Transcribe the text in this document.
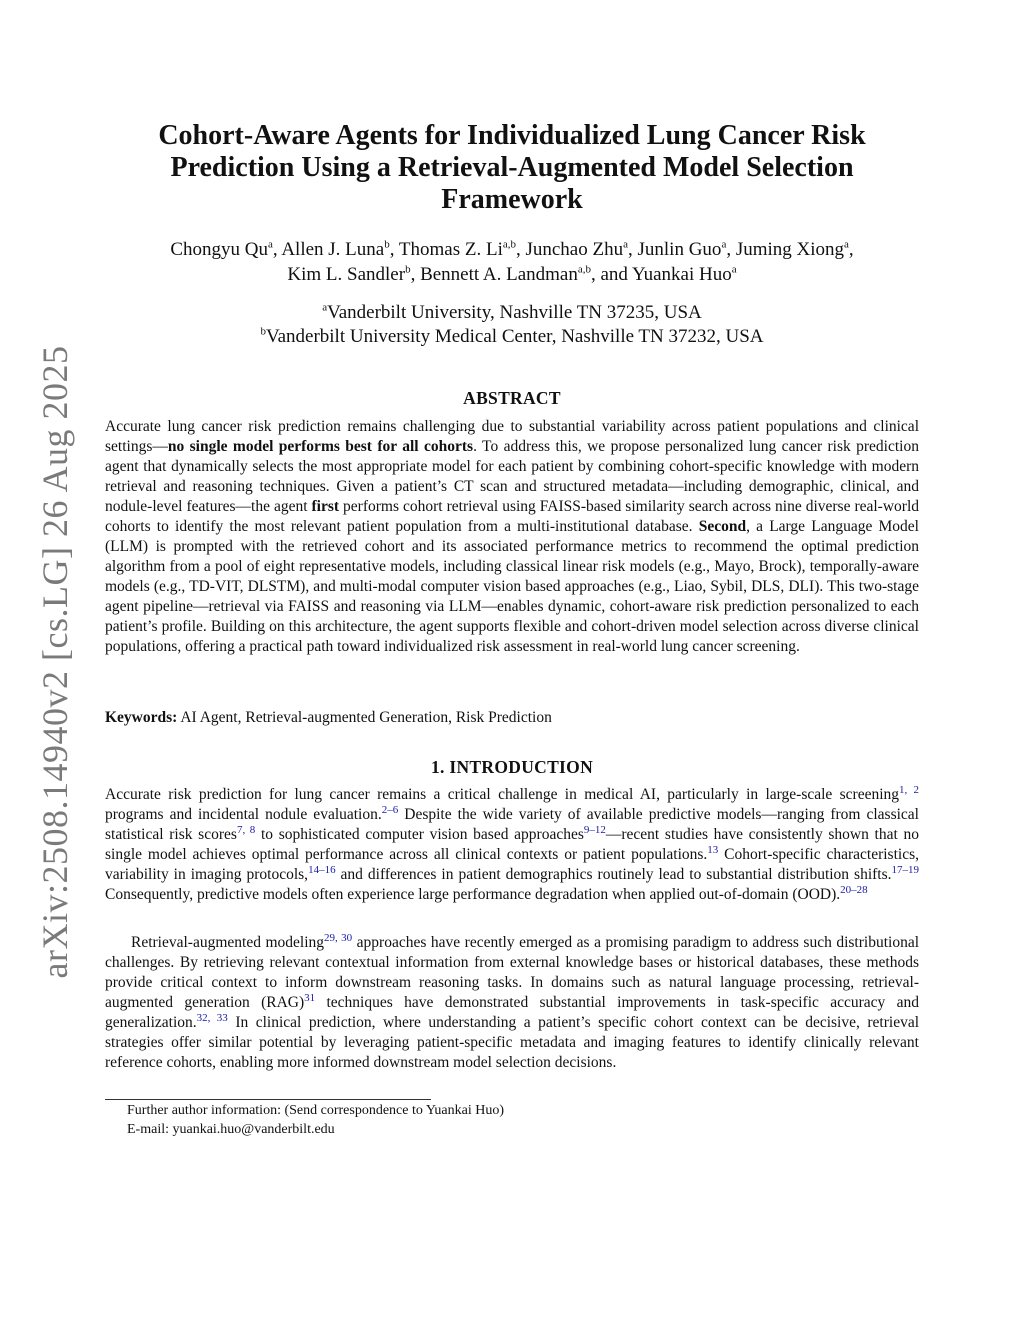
arXiv:2508.14940v2 [cs.LG] 26 Aug 2025
Cohort-Aware Agents for Individualized Lung Cancer Risk Prediction Using a Retrieval-Augmented Model Selection Framework
Chongyu Qu$^a$, Allen J. Luna$^b$, Thomas Z. Li$^{a,b}$, Junchao Zhu$^a$, Junlin Guo$^a$, Juming Xiong$^a$,
Kim L. Sandler$^b$, Bennett A. Landman$^{a,b}$, and Yuankai Huo$^a$
$^a$Vanderbilt University, Nashville TN 37235, USA
$^b$Vanderbilt University Medical Center, Nashville TN 37232, USA
ABSTRACT
Accurate lung cancer risk prediction remains challenging due to substantial variability across patient populations and clinical settings—no single model performs best for all cohorts. To address this, we propose personalized lung cancer risk prediction agent that dynamically selects the most appropriate model for each patient by combining cohort-specific knowledge with modern retrieval and reasoning techniques. Given a patient’s CT scan and structured metadata—including demographic, clinical, and nodule-level features—the agent first performs cohort retrieval using FAISS-based similarity search across nine diverse real-world cohorts to identify the most relevant patient population from a multi-institutional database. Second, a Large Language Model (LLM) is prompted with the retrieved cohort and its associated performance metrics to recommend the optimal prediction algorithm from a pool of eight representative models, including classical linear risk models (e.g., Mayo, Brock), temporally-aware models (e.g., TD-VIT, DLSTM), and multi-modal computer vision based approaches (e.g., Liao, Sybil, DLS, DLI). This two-stage agent pipeline—retrieval via FAISS and reasoning via LLM—enables dynamic, cohort-aware risk prediction personalized to each patient’s profile. Building on this architecture, the agent supports flexible and cohort-driven model selection across diverse clinical populations, offering a practical path toward individualized risk assessment in real-world lung cancer screening.
Keywords: AI Agent, Retrieval-augmented Generation, Risk Prediction
1. INTRODUCTION
Accurate risk prediction for lung cancer remains a critical challenge in medical AI, particularly in large-scale screening$^{1, 2}$ programs and incidental nodule evaluation.$^{2-6}$ Despite the wide variety of available predictive models—ranging from classical statistical risk scores$^{7, 8}$ to sophisticated computer vision based approaches$^{9-12}$—recent studies have consistently shown that no single model achieves optimal performance across all clinical contexts or patient populations.$^{13}$ Cohort-specific characteristics, variability in imaging protocols,$^{14-16}$ and differences in patient demographics routinely lead to substantial distribution shifts.$^{17-19}$ Consequently, predictive models often experience large performance degradation when applied out-of-domain (OOD).$^{20-28}$
Retrieval-augmented modeling$^{29, 30}$ approaches have recently emerged as a promising paradigm to address such distributional challenges. By retrieving relevant contextual information from external knowledge bases or historical databases, these methods provide critical context to inform downstream reasoning tasks. In domains such as natural language processing, retrieval-augmented generation (RAG)$^{31}$ techniques have demonstrated substantial improvements in task-specific accuracy and generalization.$^{32, 33}$ In clinical prediction, where understanding a patient’s specific cohort context can be decisive, retrieval strategies offer similar potential by leveraging patient-specific metadata and imaging features to identify clinically relevant reference cohorts, enabling more informed downstream model selection decisions.
Further author information: (Send correspondence to Yuankai Huo)
E-mail: yuankai.huo@vanderbilt.edu
